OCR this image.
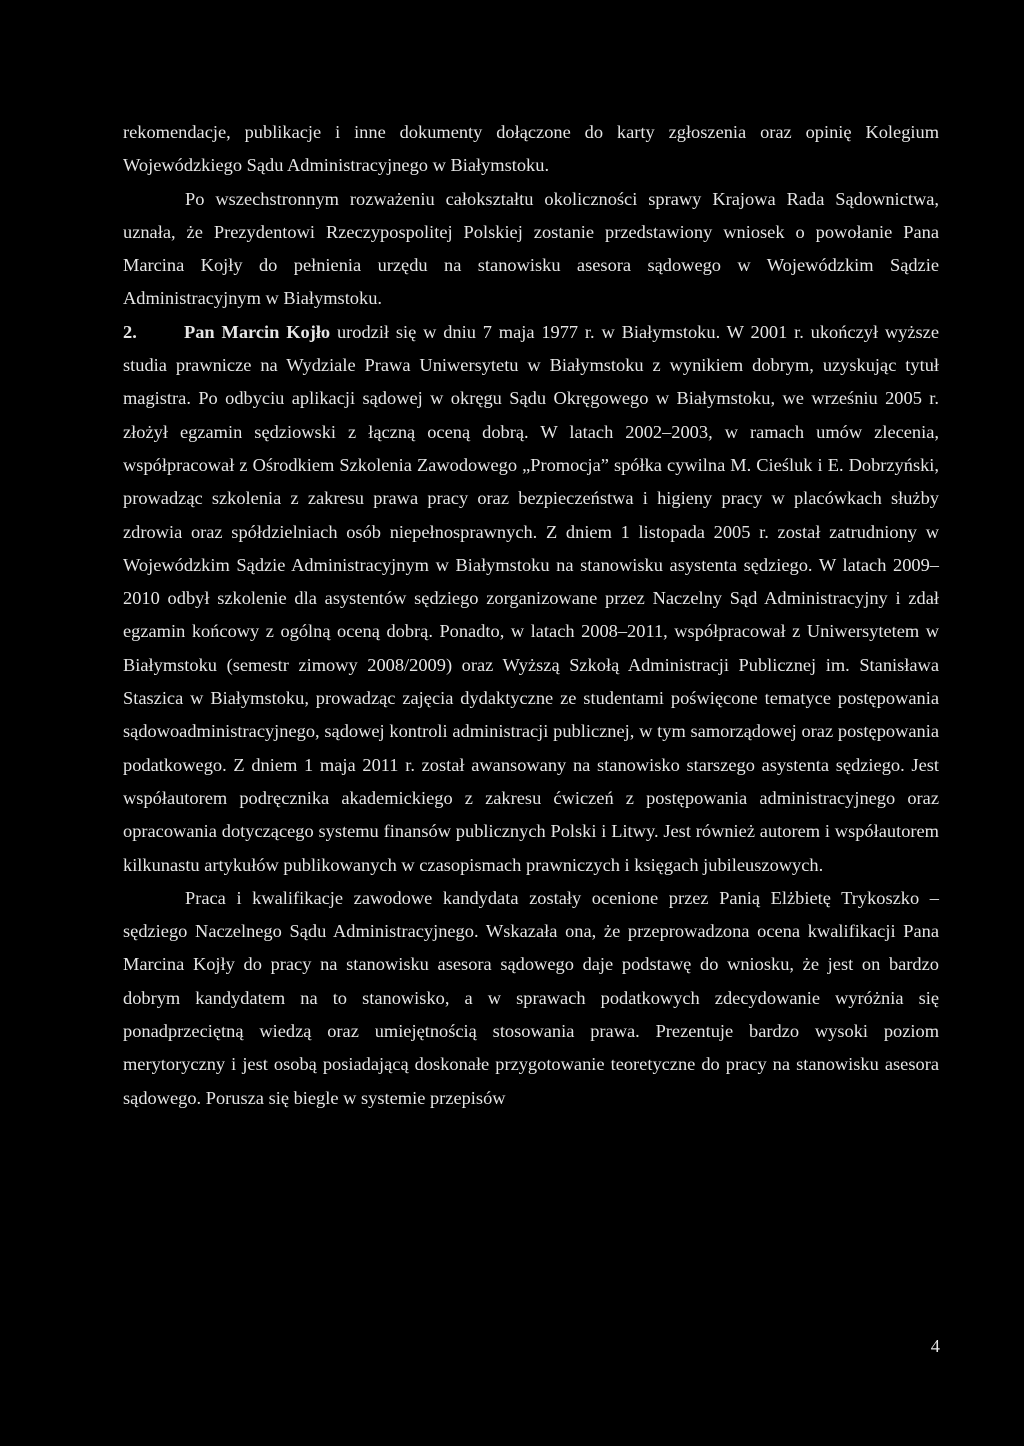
rekomendacje, publikacje i inne dokumenty dołączone do karty zgłoszenia oraz opinię Kolegium Wojewódzkiego Sądu Administracyjnego w Białymstoku.

Po wszechstronnym rozważeniu całokształtu okoliczności sprawy Krajowa Rada Sądownictwa, uznała, że Prezydentowi Rzeczypospolitej Polskiej zostanie przedstawiony wniosek o powołanie Pana Marcina Kojły do pełnienia urzędu na stanowisku asesora sądowego w Wojewódzkim Sądzie Administracyjnym w Białymstoku.

2.	Pan Marcin Kojło urodził się w dniu 7 maja 1977 r. w Białymstoku. W 2001 r. ukończył wyższe studia prawnicze na Wydziale Prawa Uniwersytetu w Białymstoku z wynikiem dobrym, uzyskując tytuł magistra. Po odbyciu aplikacji sądowej w okręgu Sądu Okręgowego w Białymstoku, we wrześniu 2005 r. złożył egzamin sędziowski z łączną oceną dobrą. W latach 2002–2003, w ramach umów zlecenia, współpracował z Ośrodkiem Szkolenia Zawodowego „Promocja” spółka cywilna M. Cieśluk i E. Dobrzyński, prowadząc szkolenia z zakresu prawa pracy oraz bezpieczeństwa i higieny pracy w placówkach służby zdrowia oraz spółdzielniach osób niepełnosprawnych. Z dniem 1 listopada 2005 r. został zatrudniony w Wojewódzkim Sądzie Administracyjnym w Białymstoku na stanowisku asystenta sędziego. W latach 2009–2010 odbył szkolenie dla asystentów sędziego zorganizowane przez Naczelny Sąd Administracyjny i zdał egzamin końcowy z ogólną oceną dobrą. Ponadto, w latach 2008–2011, współpracował z Uniwersytetem w Białymstoku (semestr zimowy 2008/2009) oraz Wyższą Szkołą Administracji Publicznej im. Stanisława Staszica w Białymstoku, prowadząc zajęcia dydaktyczne ze studentami poświęcone tematyce postępowania sądowoadministracyjnego, sądowej kontroli administracji publicznej, w tym samorządowej oraz postępowania podatkowego. Z dniem 1 maja 2011 r. został awansowany na stanowisko starszego asystenta sędziego. Jest współautorem podręcznika akademickiego z zakresu ćwiczeń z postępowania administracyjnego oraz opracowania dotyczącego systemu finansów publicznych Polski i Litwy. Jest również autorem i współautorem kilkunastu artykułów publikowanych w czasopismach prawniczych i księgach jubileuszowych.

Praca i kwalifikacje zawodowe kandydata zostały ocenione przez Panią Elżbietę Trykoszko – sędziego Naczelnego Sądu Administracyjnego. Wskazała ona, że przeprowadzona ocena kwalifikacji Pana Marcina Kojły do pracy na stanowisku asesora sądowego daje podstawę do wniosku, że jest on bardzo dobrym kandydatem na to stanowisko, a w sprawach podatkowych zdecydowanie wyróżnia się ponadprzeciętną wiedzą oraz umiejętnością stosowania prawa. Prezentuje bardzo wysoki poziom merytoryczny i jest osobą posiadającą doskonałe przygotowanie teoretyczne do pracy na stanowisku asesora sądowego. Porusza się biegle w systemie przepisów

4
